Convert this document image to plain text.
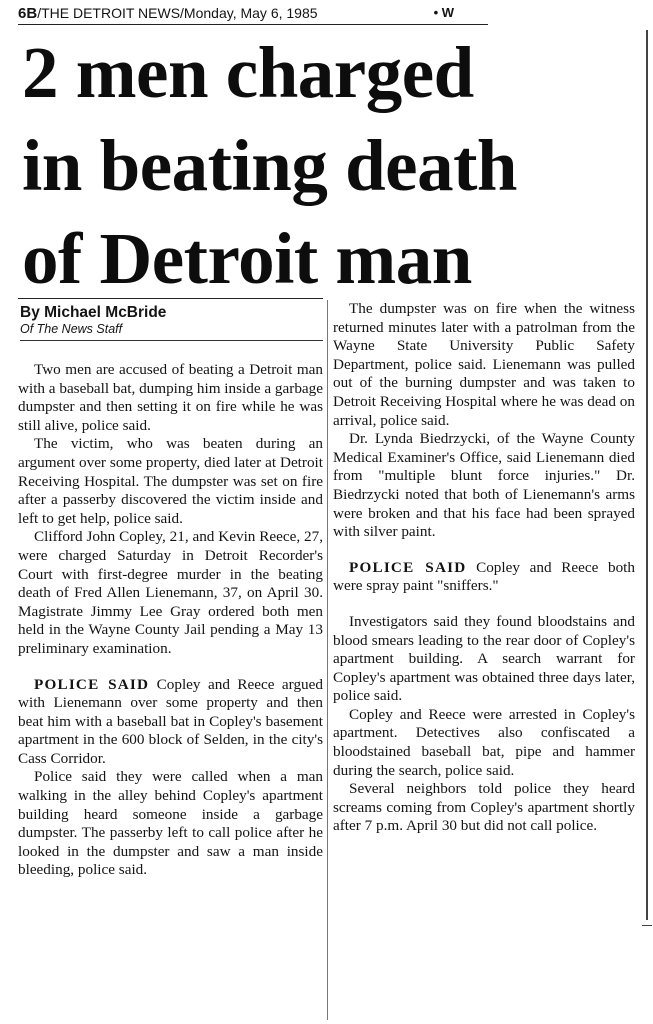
6B/THE DETROIT NEWS/Monday, May 6, 1985	• W
2 men charged
in beating death
of Detroit man
By Michael McBride
Of The News Staff

Two men are accused of beating a Detroit man with a baseball bat, dumping him inside a garbage dumpster and then setting it on fire while he was still alive, police said.

The victim, who was beaten during an argument over some property, died later at Detroit Receiving Hospital. The dumpster was set on fire after a passerby discovered the victim inside and left to get help, police said.

Clifford John Copley, 21, and Kevin Reece, 27, were charged Saturday in Detroit Recorder's Court with first-degree murder in the beating death of Fred Allen Lienemann, 37, on April 30. Magistrate Jimmy Lee Gray ordered both men held in the Wayne County Jail pending a May 13 preliminary examination.

POLICE SAID Copley and Reece argued with Lienemann over some property and then beat him with a baseball bat in Copley's basement apartment in the 600 block of Selden, in the city's Cass Corridor.

Police said they were called when a man walking in the alley behind Copley's apartment building heard someone inside a garbage dumpster. The passerby left to call police after he looked in the dumpster and saw a man inside bleeding, police said.

The dumpster was on fire when the witness returned minutes later with a patrolman from the Wayne State University Public Safety Department, police said. Lienemann was pulled out of the burning dumpster and was taken to Detroit Receiving Hospital where he was dead on arrival, police said.

Dr. Lynda Biedrzycki, of the Wayne County Medical Examiner's Office, said Lienemann died from "multiple blunt force injuries." Dr. Biedrzycki noted that both of Lienemann's arms were broken and that his face had been sprayed with silver paint.

POLICE SAID Copley and Reece both were spray paint "sniffers."

Investigators said they found bloodstains and blood smears leading to the rear door of Copley's apartment building. A search warrant for Copley's apartment was obtained three days later, police said.

Copley and Reece were arrested in Copley's apartment. Detectives also confiscated a bloodstained baseball bat, pipe and hammer during the search, police said.

Several neighbors told police they heard screams coming from Copley's apartment shortly after 7 p.m. April 30 but did not call police.
